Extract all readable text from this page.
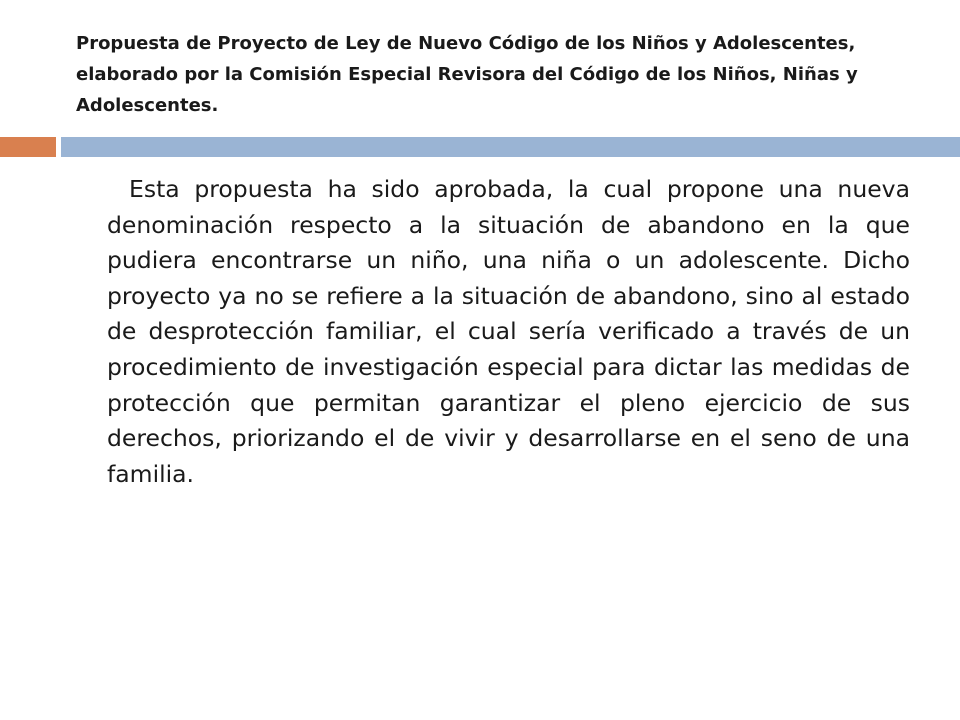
Propuesta de Proyecto de Ley de Nuevo Código de los Niños y Adolescentes, elaborado por la Comisión Especial Revisora del Código de los Niños, Niñas y Adolescentes.

Esta propuesta ha sido aprobada, la cual propone una nueva denominación respecto a la situación de abandono en la que pudiera encontrarse un niño, una niña o un adolescente. Dicho proyecto ya no se refiere a la situación de abandono, sino al estado de desprotección familiar, el cual sería verificado a través de un procedimiento de investigación especial para dictar las medidas de protección que permitan garantizar el pleno ejercicio de sus derechos, priorizando el de vivir y desarrollarse en el seno de una familia.
